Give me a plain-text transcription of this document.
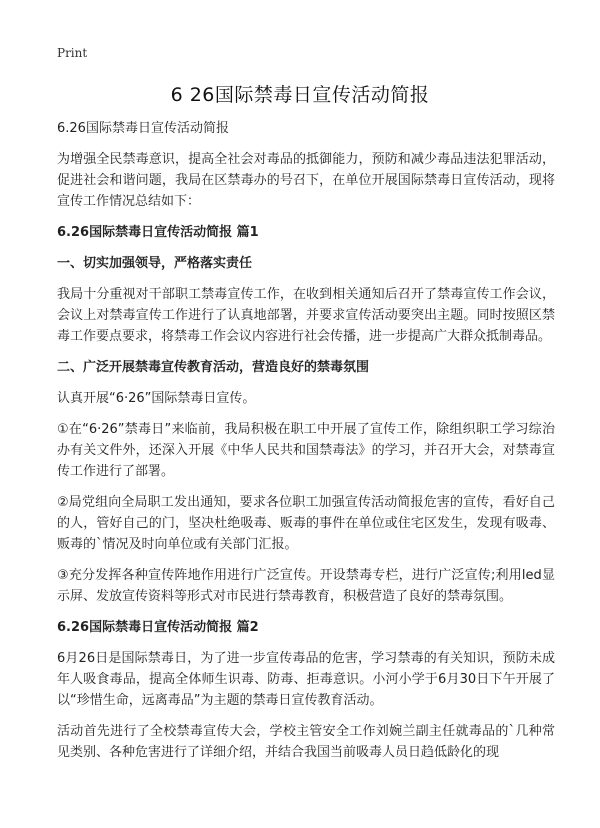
Print
6 26国际禁毒日宣传活动简报

6.26国际禁毒日宣传活动简报

为增强全民禁毒意识，提高全社会对毒品的抵御能力，预防和减少毒品违法犯罪活动，促进社会和谐问题，我局在区禁毒办的号召下，在单位开展国际禁毒日宣传活动，现将宣传工作情况总结如下：

6.26国际禁毒日宣传活动简报 篇1

一、切实加强领导，严格落实责任

我局十分重视对干部职工禁毒宣传工作，在收到相关通知后召开了禁毒宣传工作会议，会议上对禁毒宣传工作进行了认真地部署，并要求宣传活动要突出主题。同时按照区禁毒工作要点要求，将禁毒工作会议内容进行社会传播，进一步提高广大群众抵制毒品。

二、广泛开展禁毒宣传教育活动，营造良好的禁毒氛围

认真开展“6·26”国际禁毒日宣传。

①在“6·26”禁毒日”来临前，我局积极在职工中开展了宣传工作，除组织职工学习综治办有关文件外，还深入开展《中华人民共和国禁毒法》的学习，并召开大会，对禁毒宣传工作进行了部署。

②局党组向全局职工发出通知，要求各位职工加强宣传活动简报危害的宣传，看好自己的人，管好自己的门，坚决杜绝吸毒、贩毒的事件在单位或住宅区发生，发现有吸毒、贩毒的`情况及时向单位或有关部门汇报。

③充分发挥各种宣传阵地作用进行广泛宣传。开设禁毒专栏，进行广泛宣传;利用led显示屏、发放宣传资料等形式对市民进行禁毒教育，积极营造了良好的禁毒氛围。

6.26国际禁毒日宣传活动简报 篇2

6月26日是国际禁毒日，为了进一步宣传毒品的危害，学习禁毒的有关知识，预防未成年人吸食毒品，提高全体师生识毒、防毒、拒毒意识。小河小学于6月30日下午开展了以“珍惜生命，远离毒品”为主题的禁毒日宣传教育活动。

活动首先进行了全校禁毒宣传大会，学校主管安全工作刘婉兰副主任就毒品的`几种常见类别、各种危害进行了详细介绍，并结合我国当前吸毒人员日趋低龄化的现
